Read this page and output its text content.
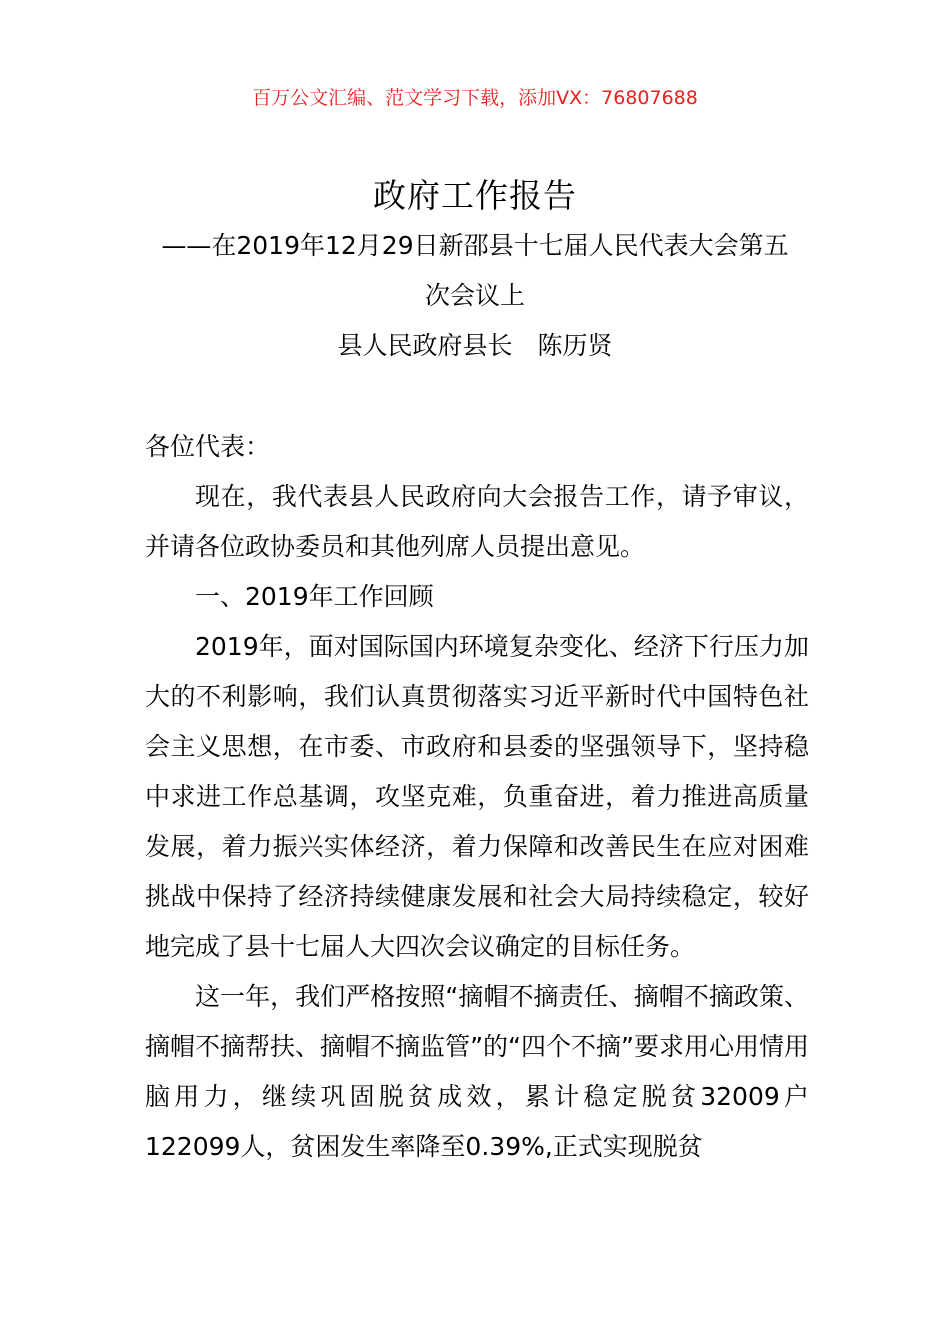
百万公文汇编、范文学习下载，添加VX：76807688
政府工作报告
——在2019年12月29日新邵县十七届人民代表大会第五
次会议上
县人民政府县长　陈历贤

各位代表：

现在，我代表县人民政府向大会报告工作，请予审议，并请各位政协委员和其他列席人员提出意见。

一、2019年工作回顾

2019年，面对国际国内环境复杂变化、经济下行压力加大的不利影响，我们认真贯彻落实习近平新时代中国特色社会主义思想，在市委、市政府和县委的坚强领导下，坚持稳中求进工作总基调，攻坚克难，负重奋进，着力推进高质量发展，着力振兴实体经济，着力保障和改善民生在应对困难挑战中保持了经济持续健康发展和社会大局持续稳定，较好地完成了县十七届人大四次会议确定的目标任务。

这一年，我们严格按照“摘帽不摘责任、摘帽不摘政策、摘帽不摘帮扶、摘帽不摘监管”的“四个不摘”要求用心用情用脑用力，继续巩固脱贫成效，累计稳定脱贫32009户122099人，贫困发生率降至0.39%,正式实现脱贫
